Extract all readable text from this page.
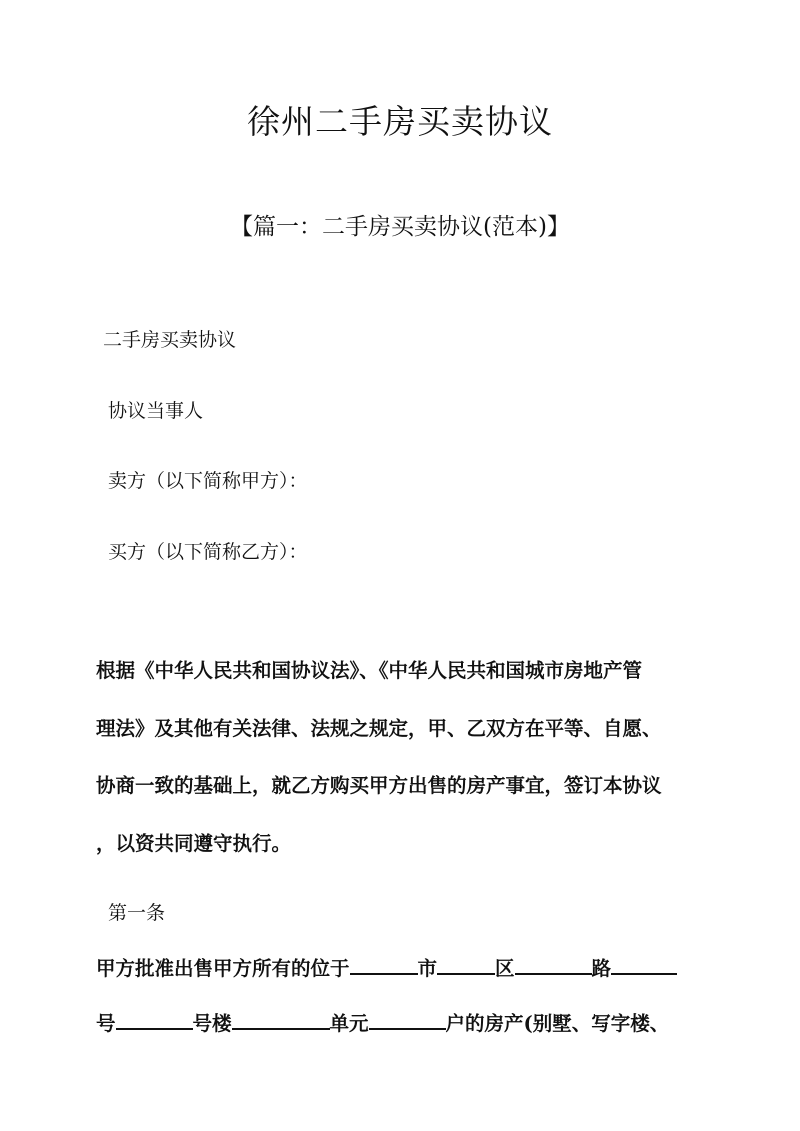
徐州二手房买卖协议
【篇一：二手房买卖协议(范本)】
二手房买卖协议
协议当事人
卖方（以下简称甲方）：
买方（以下简称乙方）：
根据《中华人民共和国协议法》、《中华人民共和国城市房地产管
理法》及其他有关法律、法规之规定，甲、乙双方在平等、自愿、
协商一致的基础上，就乙方购买甲方出售的房产事宜，签订本协议
，以资共同遵守执行。
第一条
甲方批准出售甲方所有的位于	市	区	路
号	号楼	单元	户的房产(别墅、写字楼、
